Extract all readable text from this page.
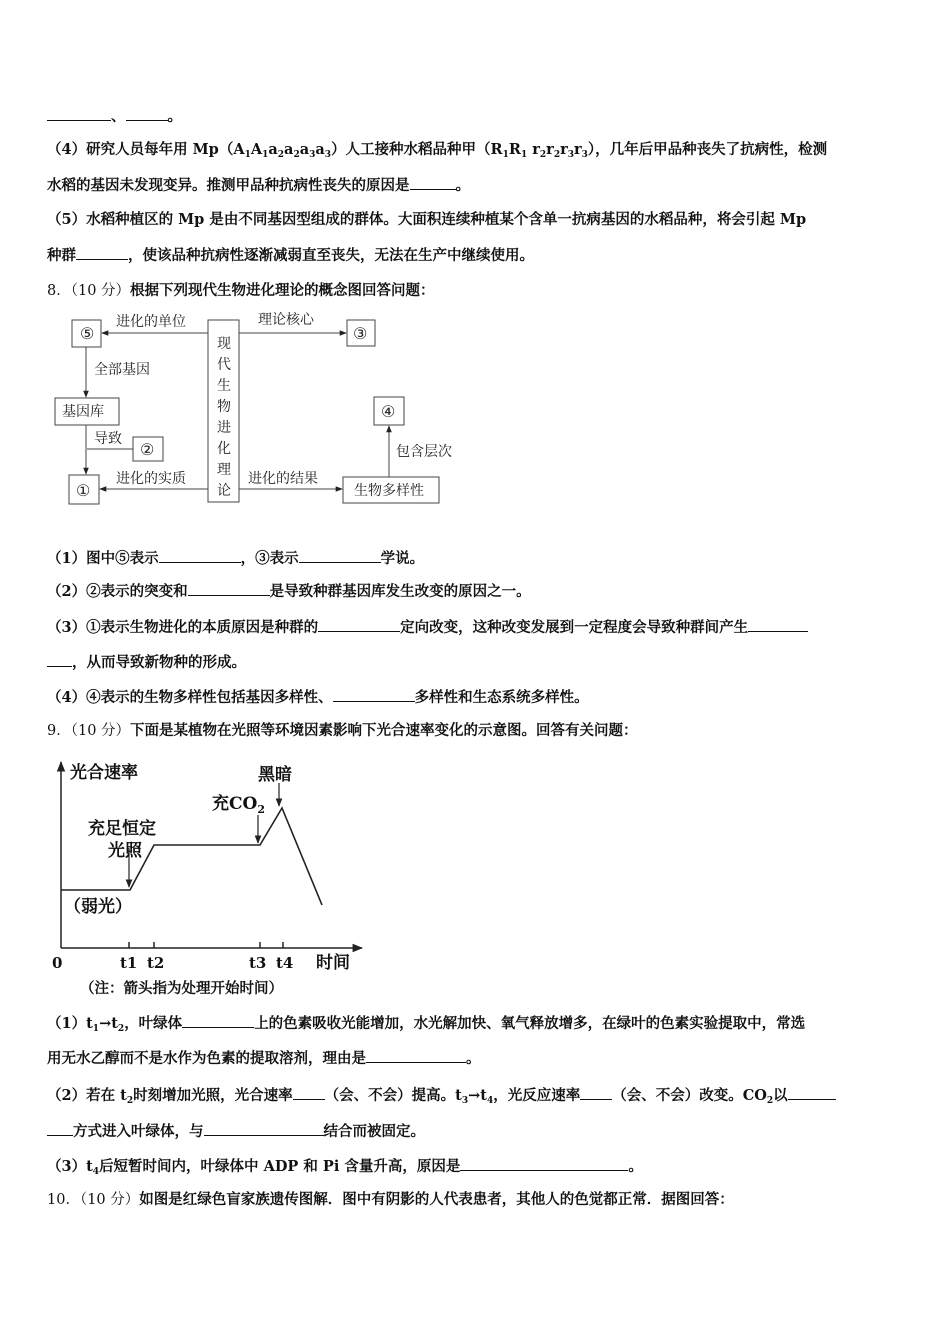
、	。
（4）研究人员每年用 $Mp(A_1A_1a_2a_2a_3a_3)$人工接种水稻品种甲（$R_1R_1$ $r_2r_2r_3r_3$），几年后甲品种丧失了抗病性，检测
水稻的基因未发现变异。推测甲品种抗病性丧失的原因是	。
（5）水稻种植区的 Mp 是由不同基因型组成的群体。大面积连续种植某个含单一抗病基因的水稻品种，将会引起 Mp
种群	，使该品种抗病性逐渐减弱直至丧失，无法在生产中继续使用。
8．（10 分）根据下列现代生物进化理论的概念图回答问题：
⑤	③
④
②
①
进化的单位	理论核心
全部基因
基因库
导致
进化的实质	进化的结果
生物多样性
包含层次
现
代
生
物
进
化
理
论
光合速率
时间
0	t1 t2	t3 t4
（弱光）
充足恒定
光照
充$CO_2$
黑暗
（注：箭头指为处理开始时间）
（1）图中⑤表示	，③表示	学说。
（2）②表示的突变和	是导致种群基因库发生改变的原因之一。
（3）①表示生物进化的本质原因是种群的	定向改变，这种改变发展到一定程度会导致种群间产生
，从而导致新物种的形成。
（4）④表示的生物多样性包括基因多样性、	多样性和生态系统多样性。
9．（10 分）下面是某植物在光照等环境因素影响下光合速率变化的示意图。回答有关问题：
$(1)t_1\to t_2$，叶绿体	上的色素吸收光能增加，水光解加快、氧气释放增多，在绿叶的色素实验提取中，常选
用无水乙醇而不是水作为色素的提取溶剂，理由是	。
（2）若在 $t_2$时刻增加光照，光合速率 （会、不会）提高。$t_3\to t_4$，光反应速率 （会、不会）改变。$CO_2$以
方式进入叶绿体，与	结合而被固定。
$(3)t_4$后短暂时间内，叶绿体中 ADP 和 Pi 含量升高，原因是	。
10．（10 分）如图是红绿色盲家族遗传图解．图中有阴影的人代表患者，其他人的色觉都正常．据图回答：
